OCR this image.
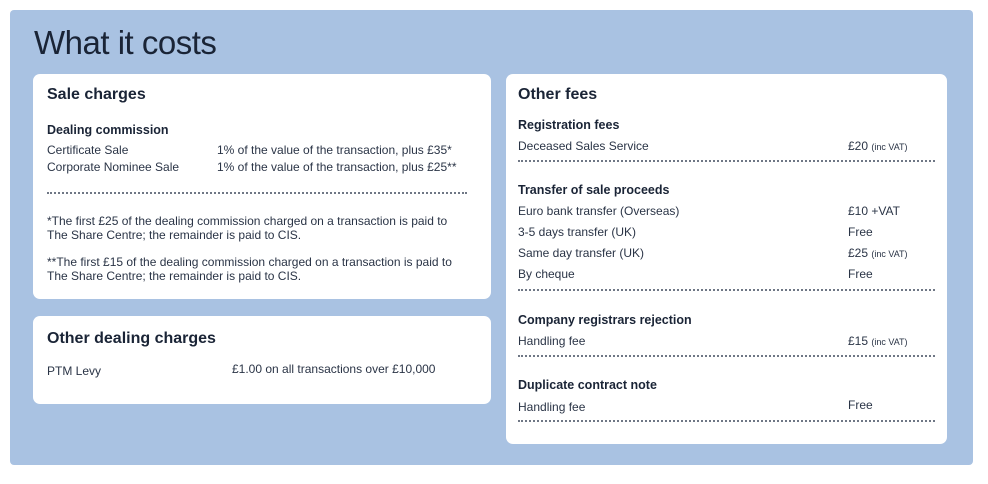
What it costs
Sale charges
Dealing commission
Certificate Sale	1% of the value of the transaction, plus £35*
Corporate Nominee Sale	1% of the value of the transaction, plus £25**
*The first £25 of the dealing commission charged on a transaction is paid to The Share Centre; the remainder is paid to CIS.
**The first £15 of the dealing commission charged on a transaction is paid to The Share Centre; the remainder is paid to CIS.
Other dealing charges
PTM Levy	£1.00 on all transactions over £10,000
Other fees
Registration fees
Deceased Sales Service	£20 (inc VAT)
Transfer of sale proceeds
Euro bank transfer (Overseas)	£10 +VAT
3-5 days transfer (UK)	Free
Same day transfer (UK)	£25 (inc VAT)
By cheque	Free
Company registrars rejection
Handling fee	£15 (inc VAT)
Duplicate contract note
Handling fee	Free
